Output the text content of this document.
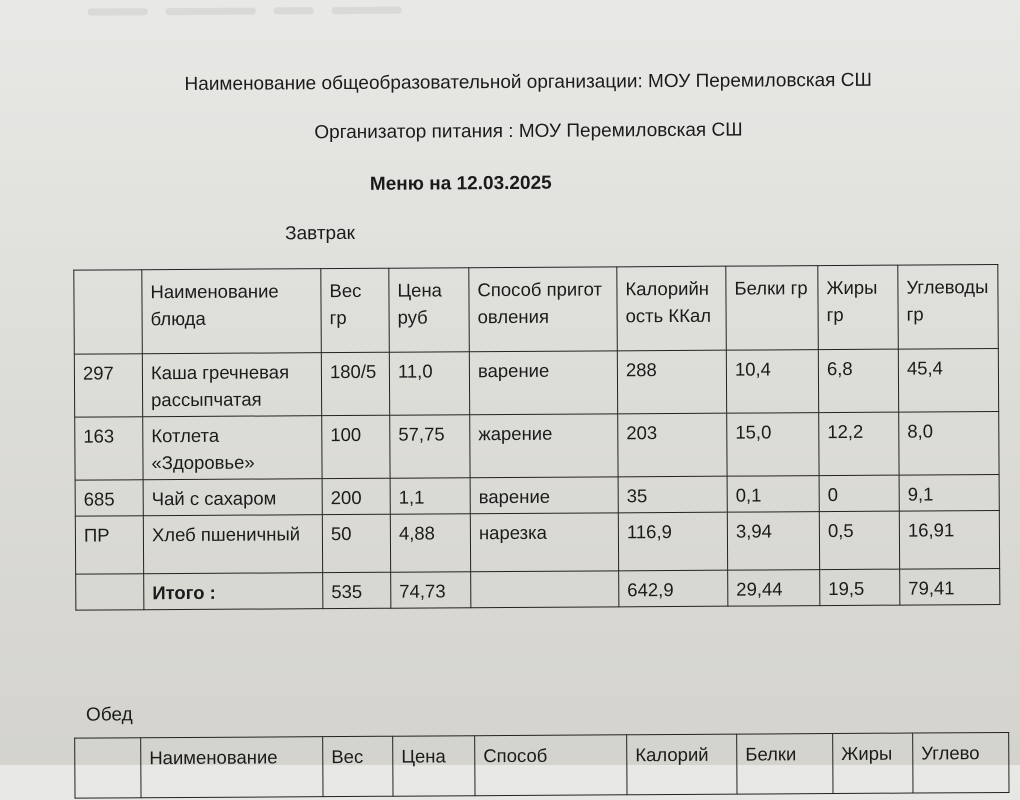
Наименование общеобразовательной организации: МОУ Перемиловская СШ
Организатор питания : МОУ Перемиловская СШ
Меню на 12.03.2025
Завтрак
	Наименование блюда	Вес гр	Цена руб	Способ приготовления	Калорийность ККал	Белки гр	Жиры гр	Углеводы гр
297	Каша гречневая рассыпчатая	180/5	11,0	варение	288	10,4	6,8	45,4
163	Котлета «Здоровье»	100	57,75	жарение	203	15,0	12,2	8,0
685	Чай с сахаром	200	1,1	варение	35	0,1	0	9,1
ПР	Хлеб пшеничный	50	4,88	нарезка	116,9	3,94	0,5	16,91
	Итого :	535	74,73		642,9	29,44	19,5	79,41
Обед
	Наименование	Вес	Цена	Способ	Калорий	Белки	Жиры	Углево
